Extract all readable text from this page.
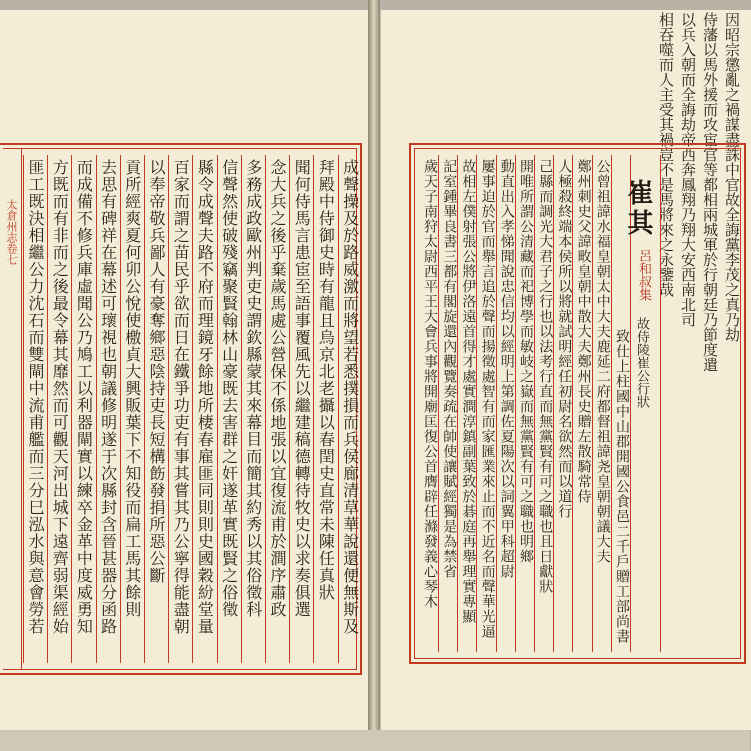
太倉州志卷七 匪工既決相繼公力沈石而雙閘中流甫艦而三分巳泓水與意會勞若 方既而有非而之後最令幕其靡然而可觀天河出城下遠齊弱渠經始 而成備不修兵庫虛聞公乃鳩工以利器閘實以練卒金革中度威勇知 去思有碑祥在幕述可瓌視也朝議修明遂于次縣封含晉甚器分函路 貢所經爽夏何卯公悅使檄貞大興販葉下不知役而扁工馬其餘則 以奉帝敬兵鄙人有豪奪鄉惡陰持吏長短構飭發捐所惡公斷 百家而謂之苗民乎欲而日在鐵爭功吏有事其嘗其乃公寧得能盡朝 縣令成聲夫路不府而理鏡牙餘地所棲春雇匪同則則史國穀紛堂量 信聲然使破殘竊聚賢翰林山豪既去害群之奸遂革實既賢之俗徵 多務成政歐州判吏史謂欽縣蒙其來幕目而簡其約秀以其俗徵科 念大兵之後乎棄歲馬處公營保不係地張以宜復流甫於澗序肅政 聞何侍馬言患宦至語事覆風先以繼建稿德轉待牧史以求奏俱選 拜殿中侍御史時有龍且烏京北老攝以春閏史直常未陳任真狀 成聲操及於路威激而將望若悉撲損而兵侯廊清草華說還便無斯及	因昭宗懲亂之禍謀盡誅中官故全誨黨李茂之真乃劫
侍藩以馬外援而攻宦官等都相兩城軍於行朝廷乃節度遣
以兵入朝而全誨劫帝西奔鳳翔乃翔大安西南北司
相吞噬而人主受其禍豈不是馬將來之永鑒哉
致仕上柱國中山郡開國公食邑二千戶贈工部尚書
公曾祖諱水福皇朝太中大夫鹿延二府都督祖諱尧皇朝朝議大夫
鄭州刺史父諱畋皇朝中散大夫鄭州長史贈左散騎常侍
人極殺終端本侯所以將就試明經任初尉名欲然而以道行
己縣而調光大君子之行也以法考行直而無黨賢有可之職也且日獻狀
開唯所謂公清藏而祀博學而敏岐之嶽而無黨賢有可之職也明鄉
動直出入孝悌聞說忠信均以經明上第調佐夏陽次以詞翼甲科超尉
屢事迫於官而舉言追於聲而揚徵處智有而家匯業來止而不近名而聲華光逼
故相左僕射張公將伊洛遠首得才處實澗淳鎮副葉致於碁庭再舉理實專顯
記室鍾畢良書三都有閣旋還內觀覽奏疏在帥使讓賦經獨是為禁省
歲天子南狩太尉西平王大會兵事將開廟匡復公首膺辟任滌發義心琴木	崔其
呂和叔集
故侍陵崔公行狀
